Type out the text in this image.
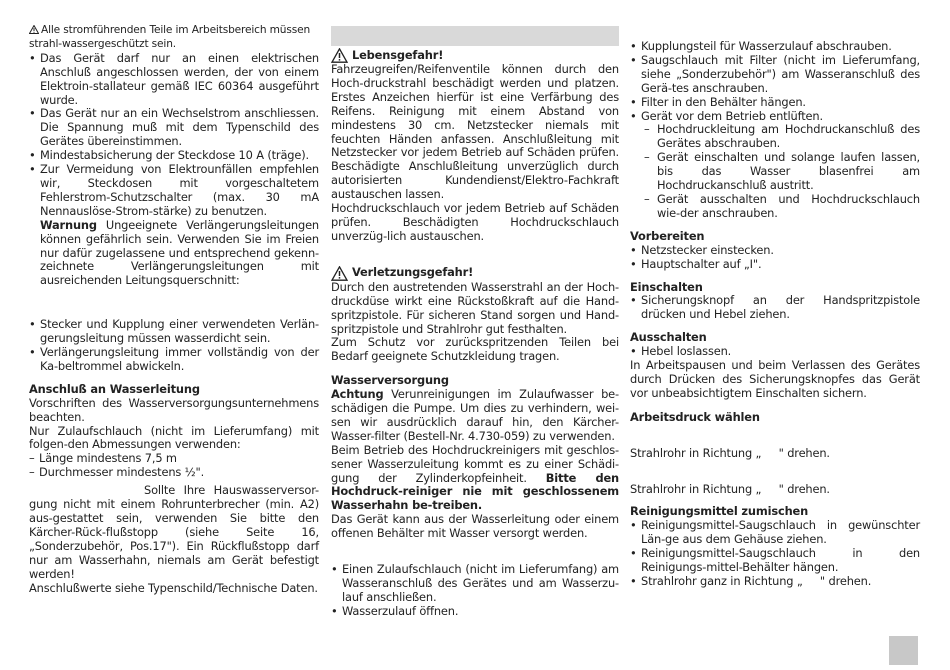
Alle stromführenden Teile im Arbeitsbereich müssen strahl-wassergeschützt sein.

• Das Gerät darf nur an einen elektrischen Anschluß angeschlossen werden, der von einem Elektroin-stallateur gemäß IEC 60364 ausgeführt wurde.

• Das Gerät nur an ein Wechselstrom anschliessen. Die Spannung muß mit dem Typenschild des Gerätes übereinstimmen.

• Mindestabsicherung der Steckdose 10 A (träge).

• Zur Vermeidung von Elektrounfällen empfehlen wir, Steckdosen mit vorgeschaltetem Fehlerstrom-Schutzschalter (max. 30 mA Nennauslöse-Strom-stärke) zu benutzen.

Warnung Ungeeignete Verlängerungsleitungen können gefährlich sein. Verwenden Sie im Freien nur dafür zugelassene und entsprechend gekenn-zeichnete Verlängerungsleitungen mit ausreichenden Leitungsquerschnitt:

• Stecker und Kupplung einer verwendeten Verlän-gerungsleitung müssen wasserdicht sein.

• Verlängerungsleitung immer vollständig von der Ka-beltrommel abwickeln.

Anschluß an Wasserleitung

Vorschriften des Wasserversorgungsunternehmens beachten.

Nur Zulaufschlauch (nicht im Lieferumfang) mit folgen-den Abmessungen verwenden:

– Länge mindestens 7,5 m

– Durchmesser mindestens ½".

Sollte Ihre Hauswasserversor-gung nicht mit einem Rohrunterbrecher (min. A2) aus-gestattet sein, verwenden Sie bitte den Kärcher-Rück-flußstopp (siehe Seite 16, „Sonderzubehör, Pos.17"). Ein Rückflußstopp darf nur am Wasserhahn, niemals am Gerät befestigt werden!

Anschlußwerte siehe Typenschild/Technische Daten.

Lebensgefahr!

Fahrzeugreifen/Reifenventile können durch den Hoch-druckstrahl beschädigt werden und platzen. Erstes Anzeichen hierfür ist eine Verfärbung des Reifens. Reinigung mit einem Abstand von mindestens 30 cm. Netzstecker niemals mit feuchten Händen anfassen. Anschlußleitung mit Netzstecker vor jedem Betrieb auf Schäden prüfen. Beschädigte Anschlußleitung unverzüglich durch autorisierten Kundendienst/Elektro-Fachkraft austauschen lassen.

Hochdruckschlauch vor jedem Betrieb auf Schäden prüfen. Beschädigten Hochdruckschlauch unverzüg-lich austauschen.

Verletzungsgefahr!

Durch den austretenden Wasserstrahl an der Hoch-druckdüse wirkt eine Rückstoßkraft auf die Hand-spritzpistole. Für sicheren Stand sorgen und Hand-spritzpistole und Strahlrohr gut festhalten.

Zum Schutz vor zurückspritzenden Teilen bei Bedarf geeignete Schutzkleidung tragen.

Wasserversorgung

Achtung Verunreinigungen im Zulaufwasser be-schädigen die Pumpe. Um dies zu verhindern, wei-sen wir ausdrücklich darauf hin, den Kärcher-Wasser-filter (Bestell-Nr. 4.730-059) zu verwenden.

Beim Betrieb des Hochdruckreinigers mit geschlos-sener Wasserzuleitung kommt es zu einer Schädi-gung der Zylinderkopfeinheit. Bitte den Hochdruck-reiniger nie mit geschlossenem Wasserhahn be-treiben.

Das Gerät kann aus der Wasserleitung oder einem offenen Behälter mit Wasser versorgt werden.

• Einen Zulaufschlauch (nicht im Lieferumfang) am Wasseranschluß des Gerätes und am Wasserzu-lauf anschließen.

• Wasserzulauf öffnen.

• Kupplungsteil für Wasserzulauf abschrauben.

• Saugschlauch mit Filter (nicht im Lieferumfang, siehe „Sonderzubehör") am Wasseranschluß des Gerä-tes anschrauben.

• Filter in den Behälter hängen.

• Gerät vor dem Betrieb entlüften.

– Hochdruckleitung am Hochdruckanschluß des Gerätes abschrauben.

– Gerät einschalten und solange laufen lassen, bis das Wasser blasenfrei am Hochdruckanschluß austritt.

– Gerät ausschalten und Hochdruckschlauch wie-der anschrauben.

Vorbereiten

• Netzstecker einstecken.

• Hauptschalter auf „I".

Einschalten

• Sicherungsknopf an der Handspritzpistole drücken und Hebel ziehen.

Ausschalten

• Hebel loslassen.

In Arbeitspausen und beim Verlassen des Gerätes durch Drücken des Sicherungsknopfes das Gerät vor unbeabsichtigtem Einschalten sichern.

Arbeitsdruck wählen

Strahlrohr in Richtung „     " drehen.

Strahlrohr in Richtung „     " drehen.

Reinigungsmittel zumischen

• Reinigungsmittel-Saugschlauch in gewünschter Län-ge aus dem Gehäuse ziehen.

• Reinigungsmittel-Saugschlauch in den Reinigungs-mittel-Behälter hängen.

• Strahlrohr ganz in Richtung „     " drehen.
